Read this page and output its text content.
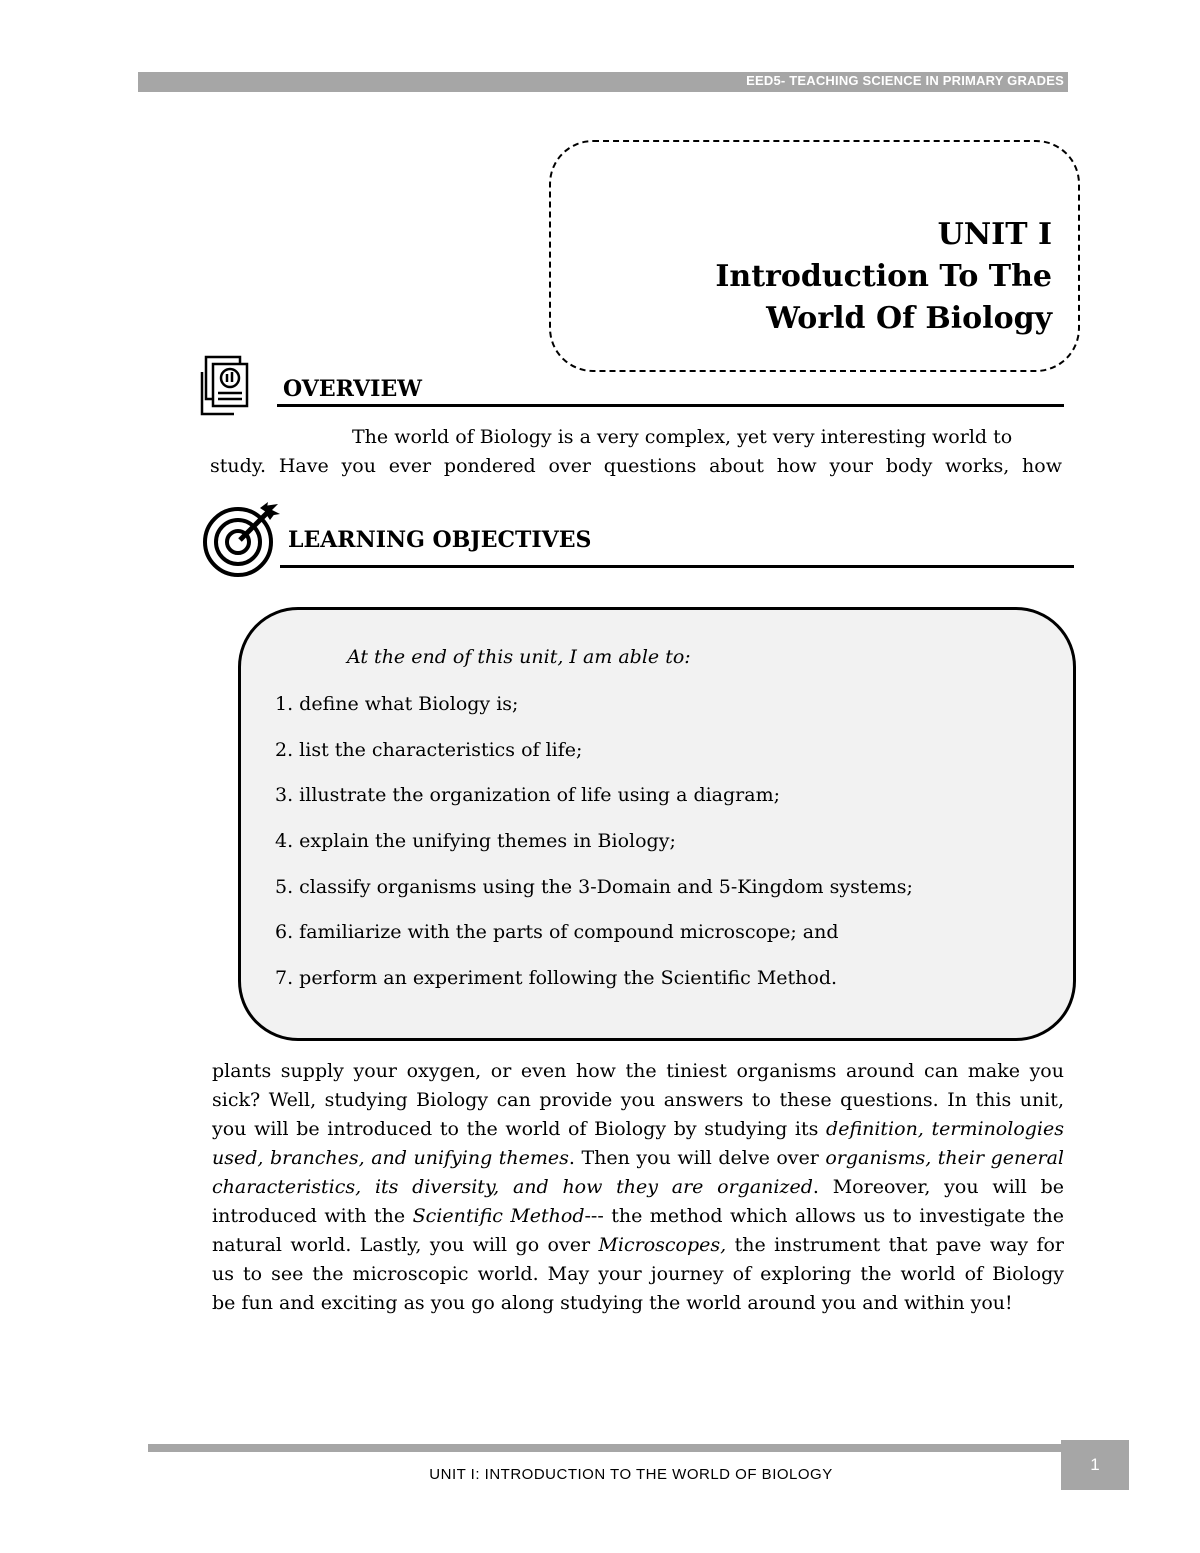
EED5- TEACHING SCIENCE IN PRIMARY GRADES
UNIT I
Introduction To The
World Of Biology
OVERVIEW
The world of Biology is a very complex, yet very interesting world to
study. Have you ever pondered over questions about how your body works, how
LEARNING OBJECTIVES
At the end of this unit, I am able to:
1. define what Biology is;
2. list the characteristics of life;
3. illustrate the organization of life using a diagram;
4. explain the unifying themes in Biology;
5. classify organisms using the 3-Domain and 5-Kingdom systems;
6. familiarize with the parts of compound microscope; and
7. perform an experiment following the Scientific Method.
plants supply your oxygen, or even how the tiniest organisms around can make you
sick? Well, studying Biology can provide you answers to these questions. In this unit,
you will be introduced to the world of Biology by studying its definition, terminologies
used, branches, and unifying themes. Then you will delve over organisms, their general
characteristics, its diversity, and how they are organized. Moreover, you will be
introduced with the Scientific Method--- the method which allows us to investigate the
natural world. Lastly, you will go over Microscopes, the instrument that pave way for
us to see the microscopic world. May your journey of exploring the world of Biology
be fun and exciting as you go along studying the world around you and within you!
UNIT I: INTRODUCTION TO THE WORLD OF BIOLOGY
1
